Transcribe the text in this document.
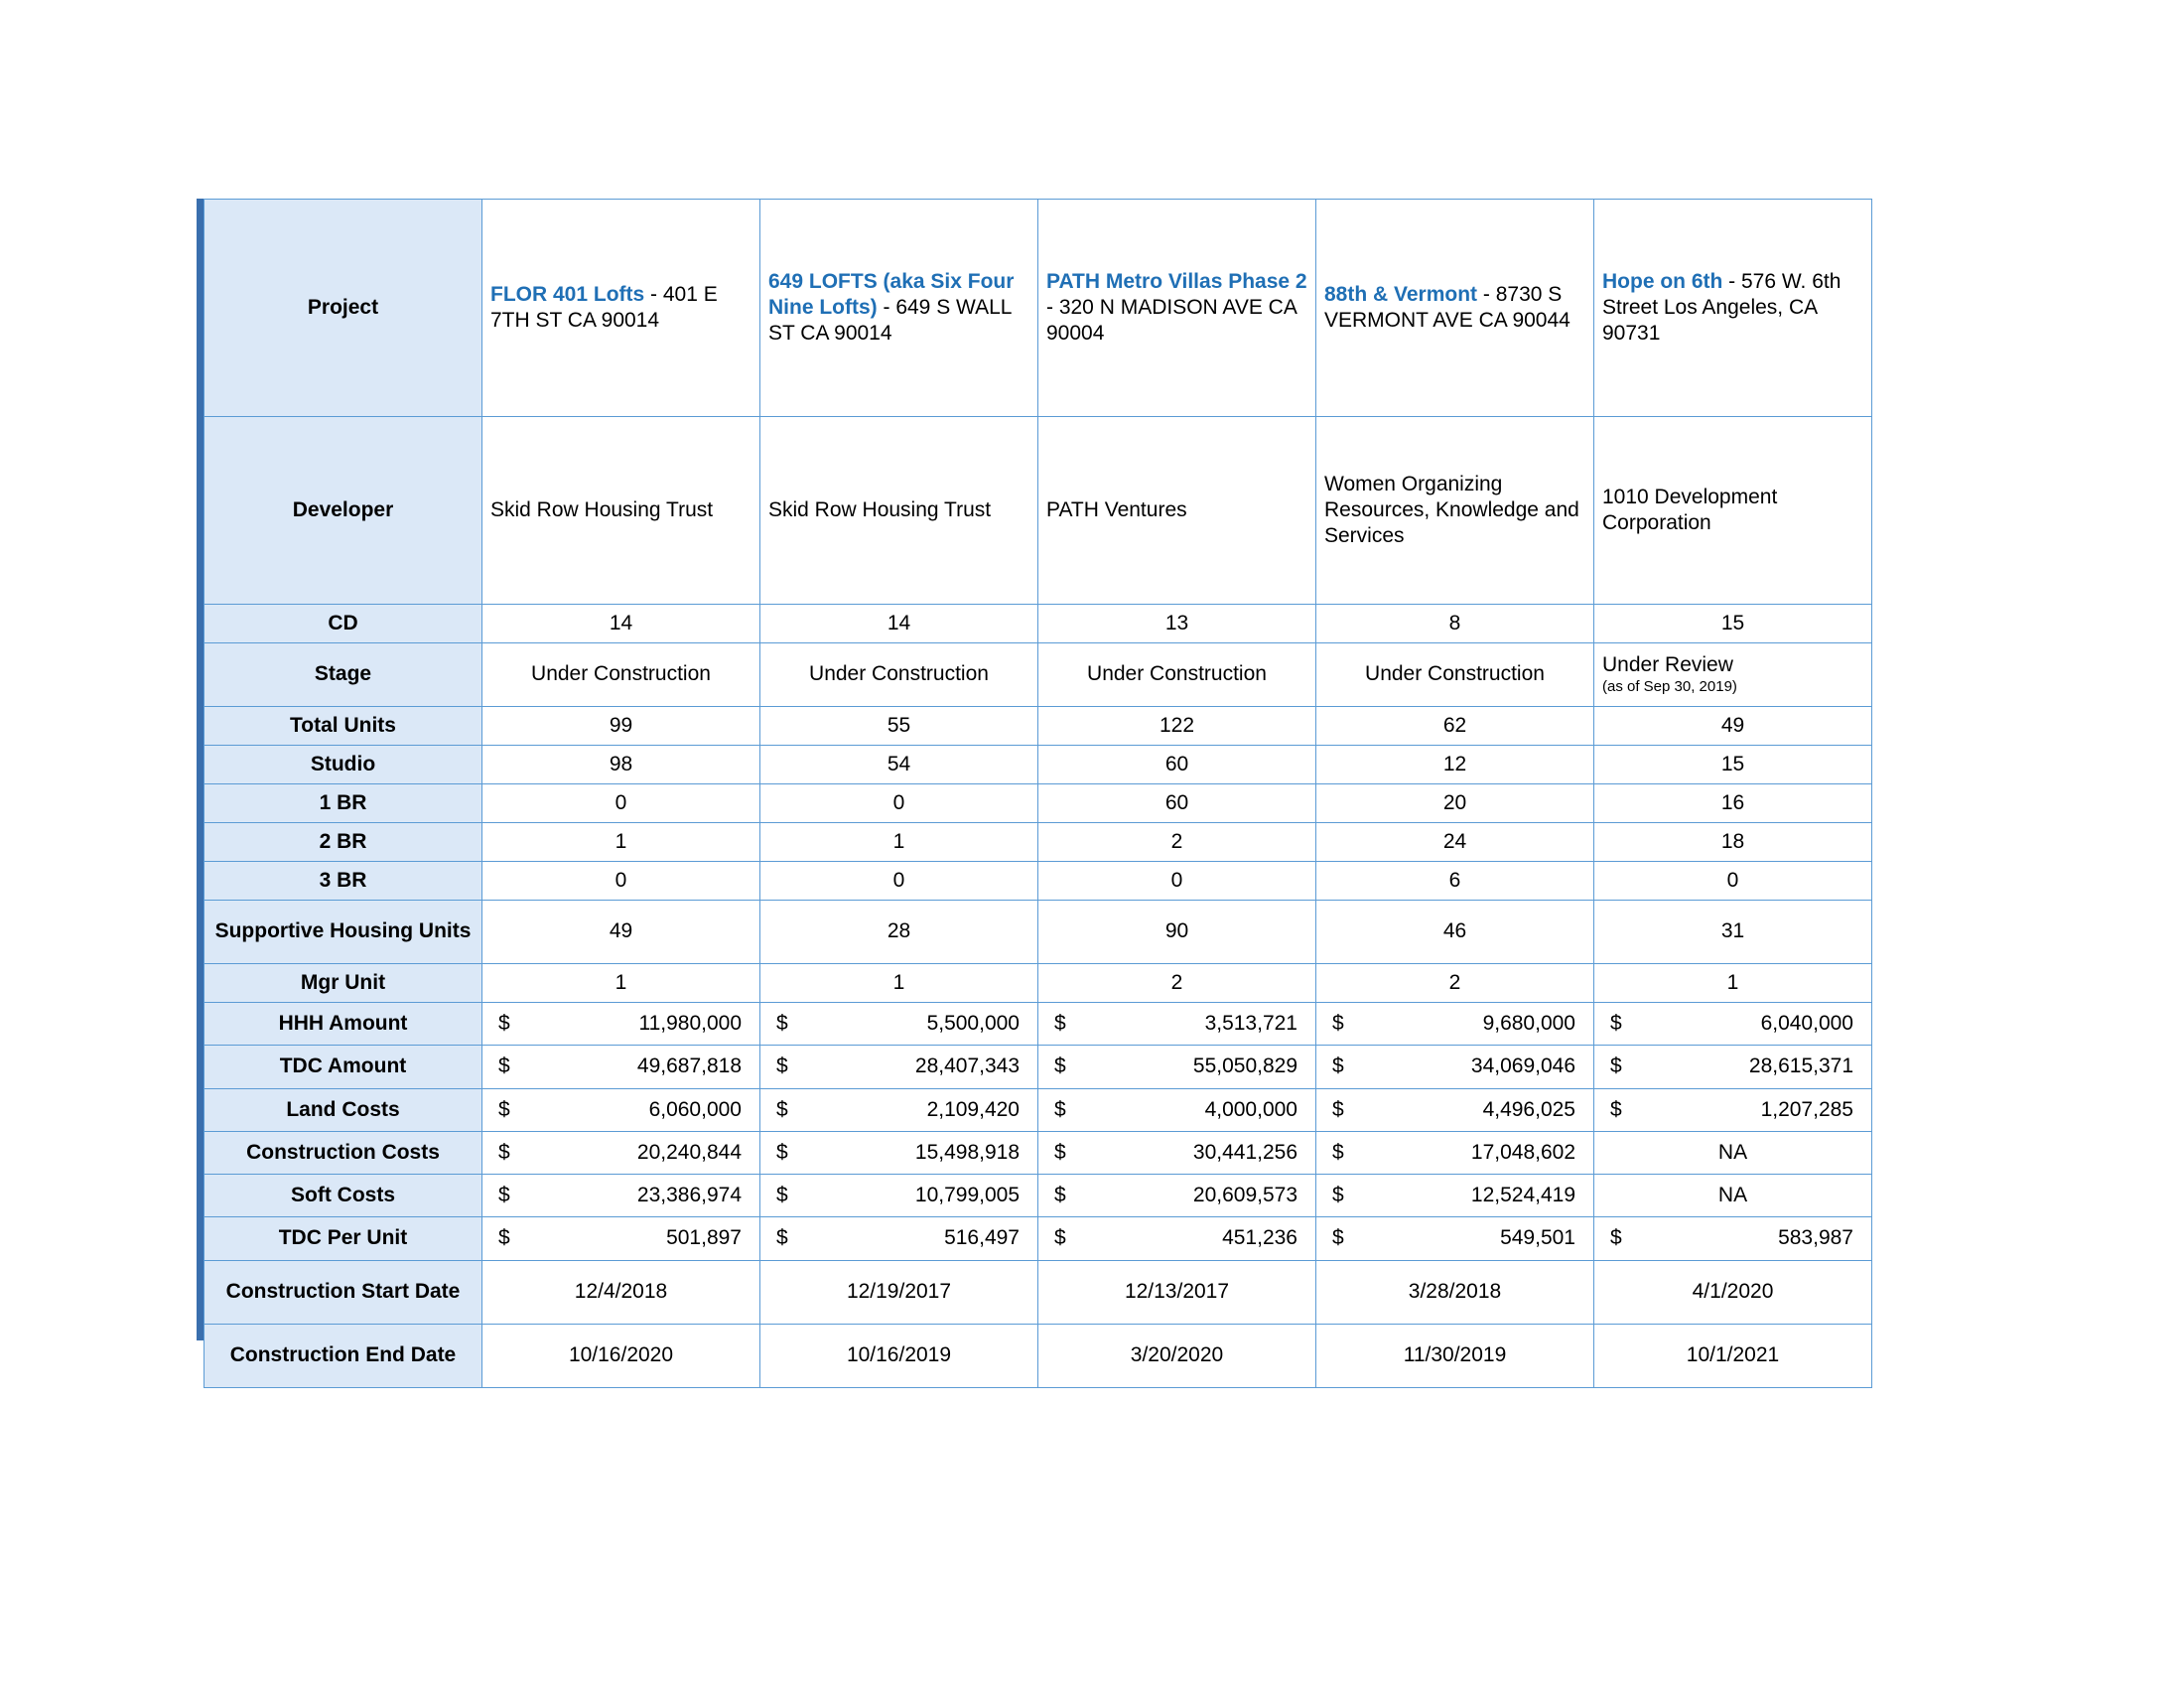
Project	FLOR 401 Lofts - 401 E 7TH ST CA 90014	649 LOFTS (aka Six Four Nine Lofts) - 649 S WALL ST CA 90014	PATH Metro Villas Phase 2 - 320 N MADISON AVE CA 90004	88th & Vermont - 8730 S VERMONT AVE CA 90044	Hope on 6th - 576 W. 6th Street Los Angeles, CA 90731
Developer	Skid Row Housing Trust	Skid Row Housing Trust	PATH Ventures	Women Organizing Resources, Knowledge and Services	1010 Development Corporation
CD	14	14	13	8	15
Stage	Under Construction	Under Construction	Under Construction	Under Construction	Under Review
(as of Sep 30, 2019)

Total Units	99	55	122	62	49
Studio	98	54	60	12	15
1 BR	0	0	60	20	16
2 BR	1	1	2	24	18
3 BR	0	0	0	6	0
Supportive Housing Units	49	28	90	46	31
Mgr Unit	1	1	2	2	1
HHH Amount	$ 11,980,000	$ 5,500,000	$ 3,513,721	$ 9,680,000	$ 6,040,000

TDC Amount	$ 49,687,818	$ 28,407,343	$ 55,050,829	$ 34,069,046	$ 28,615,371

Land Costs	$ 6,060,000	$ 2,109,420	$ 4,000,000	$ 4,496,025	$ 1,207,285

Construction Costs	$ 20,240,844	$ 15,498,918	$ 30,441,256	$ 17,048,602	NA
Soft Costs	$ 23,386,974	$ 10,799,005	$ 20,609,573	$ 12,524,419	NA
TDC Per Unit	$ 501,897	$ 516,497	$ 451,236	$ 549,501	$ 583,987

Construction Start Date	12/4/2018	12/19/2017	12/13/2017	3/28/2018	4/1/2020
Construction End Date	10/16/2020	10/16/2019	3/20/2020	11/30/2019	10/1/2021
